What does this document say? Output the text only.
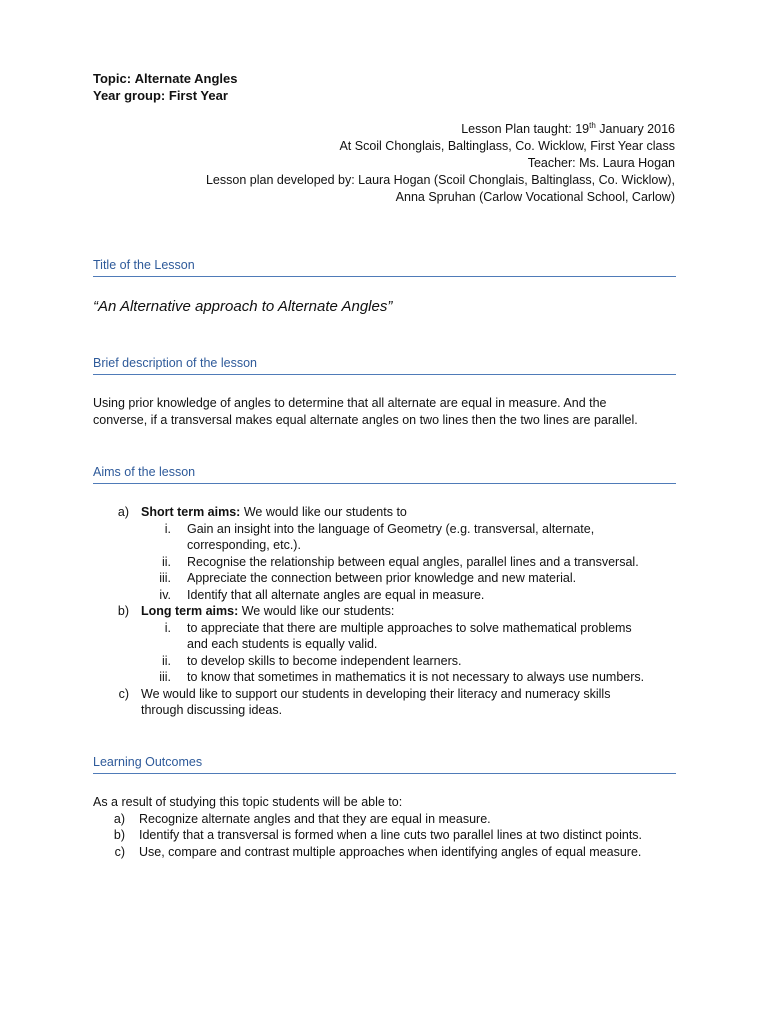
Topic: Alternate Angles
Year group: First Year
Lesson Plan taught: 19th January 2016
At Scoil Chonglais, Baltinglass, Co. Wicklow, First Year class
Teacher: Ms. Laura Hogan
Lesson plan developed by: Laura Hogan (Scoil Chonglais, Baltinglass, Co. Wicklow),
Anna Spruhan (Carlow Vocational School, Carlow)
Title of the Lesson
“An Alternative approach to Alternate Angles”
Brief description of the lesson
Using prior knowledge of angles to determine that all alternate are equal in measure. And the
converse, if a transversal makes equal alternate angles on two lines then the two lines are parallel.
Aims of the lesson
a) Short term aims: We would like our students to
i. Gain an insight into the language of Geometry (e.g. transversal, alternate,
corresponding, etc.).
ii. Recognise the relationship between equal angles, parallel lines and a transversal.
iii. Appreciate the connection between prior knowledge and new material.
iv. Identify that all alternate angles are equal in measure.
b) Long term aims: We would like our students:
i. to appreciate that there are multiple approaches to solve mathematical problems
and each students is equally valid.
ii. to develop skills to become independent learners.
iii. to know that sometimes in mathematics it is not necessary to always use numbers.
c) We would like to support our students in developing their literacy and numeracy skills
through discussing ideas.
Learning Outcomes
As a result of studying this topic students will be able to:
a) Recognize alternate angles and that they are equal in measure.
b) Identify that a transversal is formed when a line cuts two parallel lines at two distinct points.
c) Use, compare and contrast multiple approaches when identifying angles of equal measure.
